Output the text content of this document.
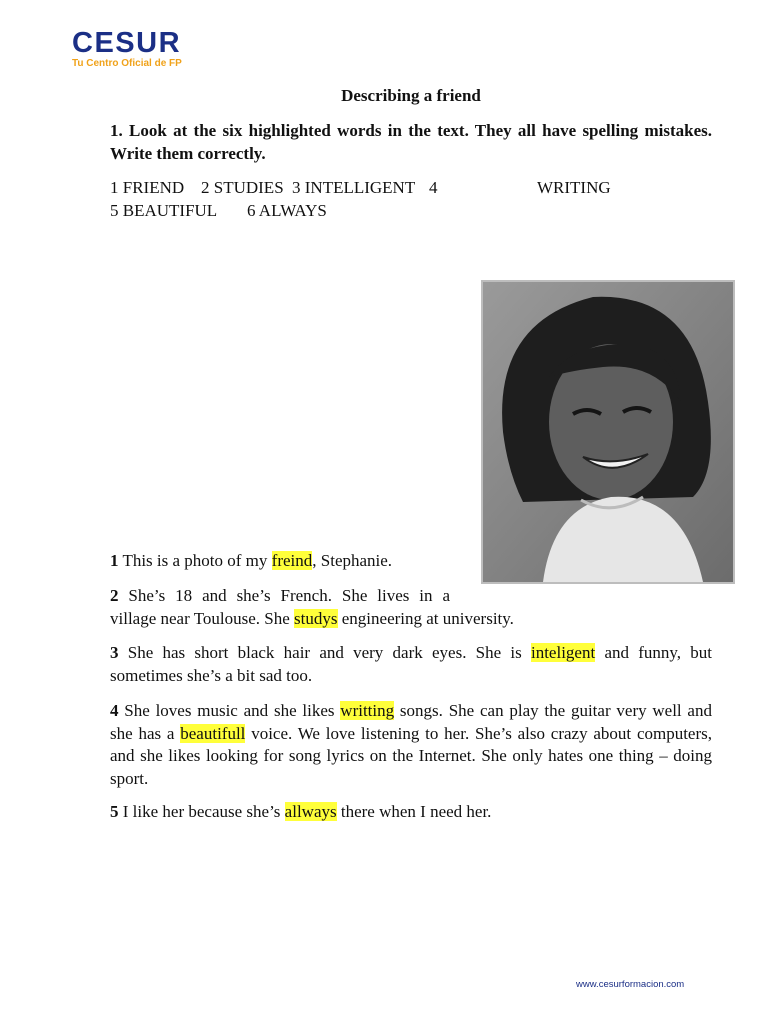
CESUR
Tu Centro Oficial de FP
Describing a friend
1. Look at the six highlighted words in the text. They all have spelling mistakes. Write them correctly.
1 FRIEND 2 STUDIES 3 INTELLIGENT 4	WRITING
5 BEAUTIFUL 6 ALWAYS
1 This is a photo of my freind, Stephanie.
2 She’s 18 and she’s French. She lives in a
village near Toulouse. She studys engineering at university.
3 She has short black hair and very dark eyes. She is inteligent and funny, but sometimes she’s a bit sad too.
4 She loves music and she likes writting songs. She can play the guitar very well and she has a beautifull voice. We love listening to her. She’s also crazy about computers, and she likes looking for song lyrics on the Internet. She only hates one thing – doing sport.
5 I like her because she’s allways there when I need her.
www.cesurformacion.com
